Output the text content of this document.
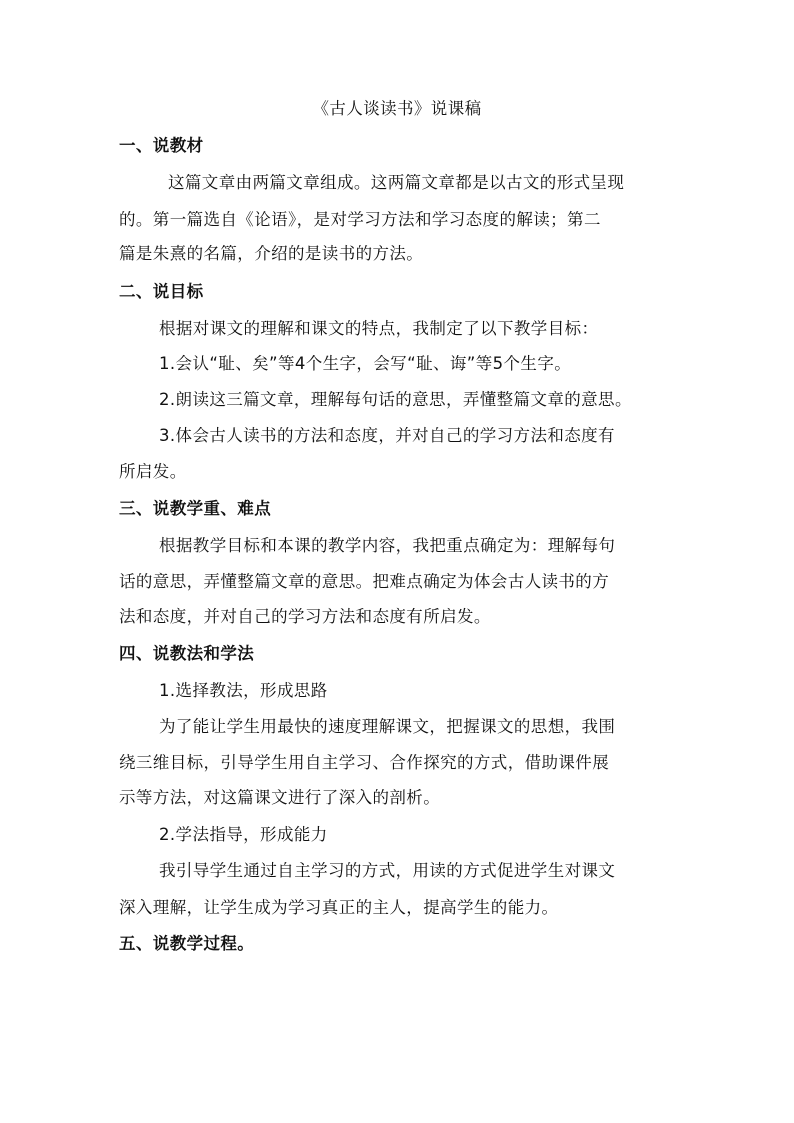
《古人谈读书》说课稿
一、说教材
这篇文章由两篇文章组成。这两篇文章都是以古文的形式呈现
的。第一篇选自《论语》，是对学习方法和学习态度的解读；第二
篇是朱熹的名篇，介绍的是读书的方法。
二、说目标
根据对课文的理解和课文的特点，我制定了以下教学目标：
1.会认“耻、矣”等4个生字，会写“耻、诲”等5个生字。
2.朗读这三篇文章，理解每句话的意思，弄懂整篇文章的意思。
3.体会古人读书的方法和态度，并对自己的学习方法和态度有
所启发。
三、说教学重、难点
根据教学目标和本课的教学内容，我把重点确定为：理解每句
话的意思，弄懂整篇文章的意思。把难点确定为体会古人读书的方
法和态度，并对自己的学习方法和态度有所启发。
四、说教法和学法
1.选择教法，形成思路
为了能让学生用最快的速度理解课文，把握课文的思想，我围
绕三维目标，引导学生用自主学习、合作探究的方式，借助课件展
示等方法，对这篇课文进行了深入的剖析。
2.学法指导，形成能力
我引导学生通过自主学习的方式，用读的方式促进学生对课文
深入理解，让学生成为学习真正的主人，提高学生的能力。
五、说教学过程。
